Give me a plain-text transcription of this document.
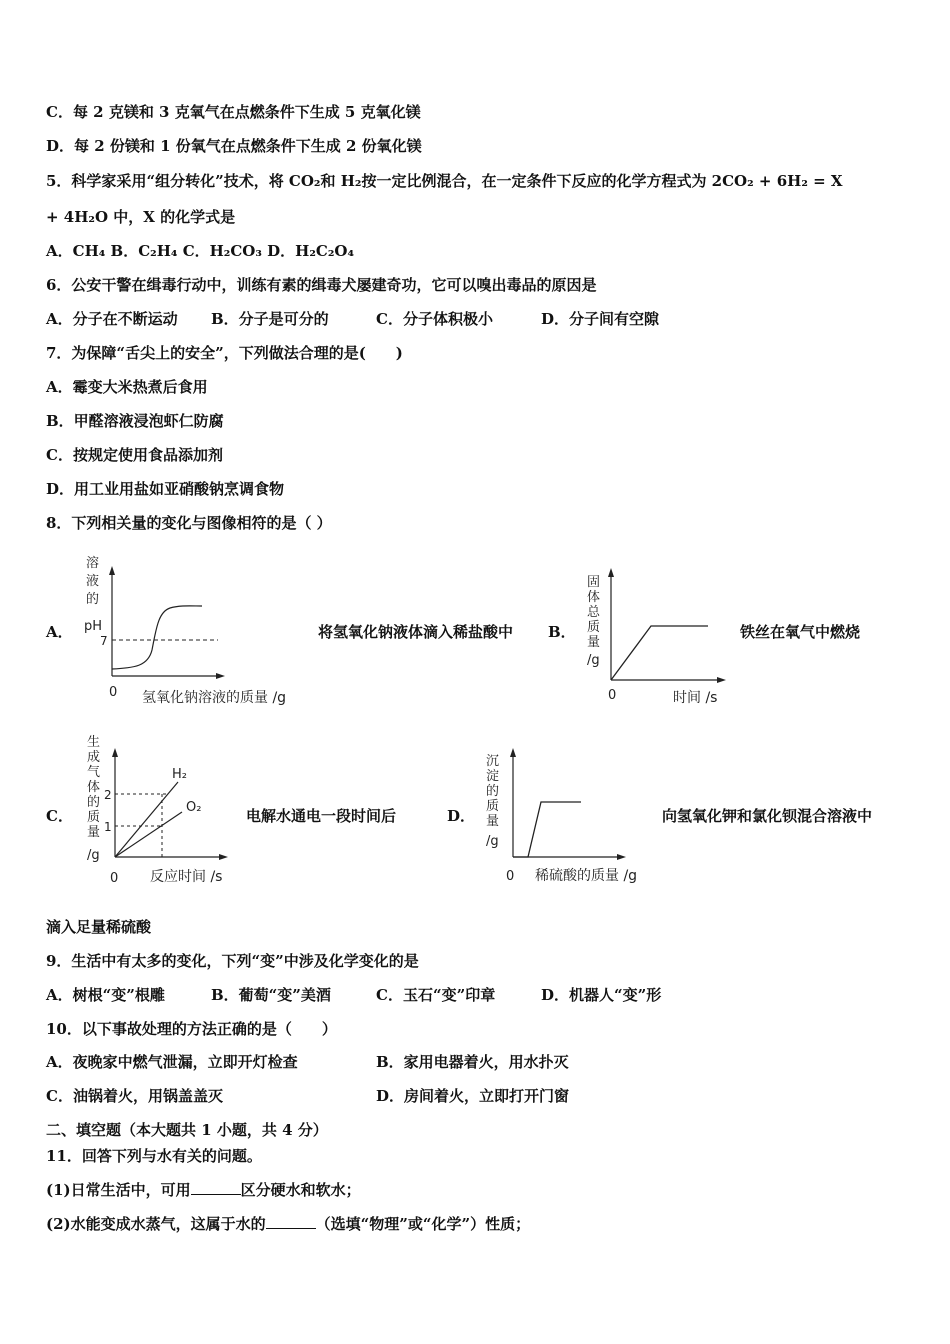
C．每 2 克镁和 3 克氧气在点燃条件下生成 5 克氧化镁
D．每 2 份镁和 1 份氧气在点燃条件下生成 2 份氧化镁
5．科学家采用“组分转化”技术，将 CO₂和 H₂按一定比例混合，在一定条件下反应的化学方程式为 2CO₂ + 6H₂ = X
+ 4H₂O 中，X 的化学式是
A．CH₄ B．C₂H₄ C．H₂CO₃ D．H₂C₂O₄
6．公安干警在缉毒行动中，训练有素的缉毒犬屡建奇功，它可以嗅出毒品的原因是
A．分子在不断运动 B．分子是可分的	C．分子体积极小	D．分子间有空隙
7．为保障“舌尖上的安全”，下列做法合理的是(　　)
A．霉变大米热煮后食用
B．甲醛溶液浸泡虾仁防腐
C．按规定使用食品添加剂
D．用工业用盐如亚硝酸钠烹调食物
8．下列相关量的变化与图像相符的是（ ）
A．
溶
液
的
pH
7
0 氢氧化钠溶液的质量 /g
将氢氧化钠液体滴入稀盐酸中 B．
固
体
总
质
量
/g
0	时间 /s
铁丝在氧气中燃烧
C．
生
成
气
体
的
质
量
/g
2
1
H₂
O₂
0 反应时间 /s
电解水通电一段时间后	D．
沉
淀
的
质
量
/g
0 稀硫酸的质量 /g
向氢氧化钾和氯化钡混合溶液中
滴入足量稀硫酸
9．生活中有太多的变化，下列“变”中涉及化学变化的是
A．树根“变”根雕	B．葡萄“变”美酒	C．玉石“变”印章	D．机器人“变”形
10．以下事故处理的方法正确的是（　　）
A．夜晚家中燃气泄漏，立即开灯检查	B．家用电器着火，用水扑灭
C．油锅着火，用锅盖盖灭	D．房间着火，立即打开门窗
二、填空题（本大题共 1 小题，共 4 分）
11．回答下列与水有关的问题。
(1)日常生活中，可用	区分硬水和软水；
(2)水能变成水蒸气，这属于水的	（选填“物理”或“化学”）性质；
